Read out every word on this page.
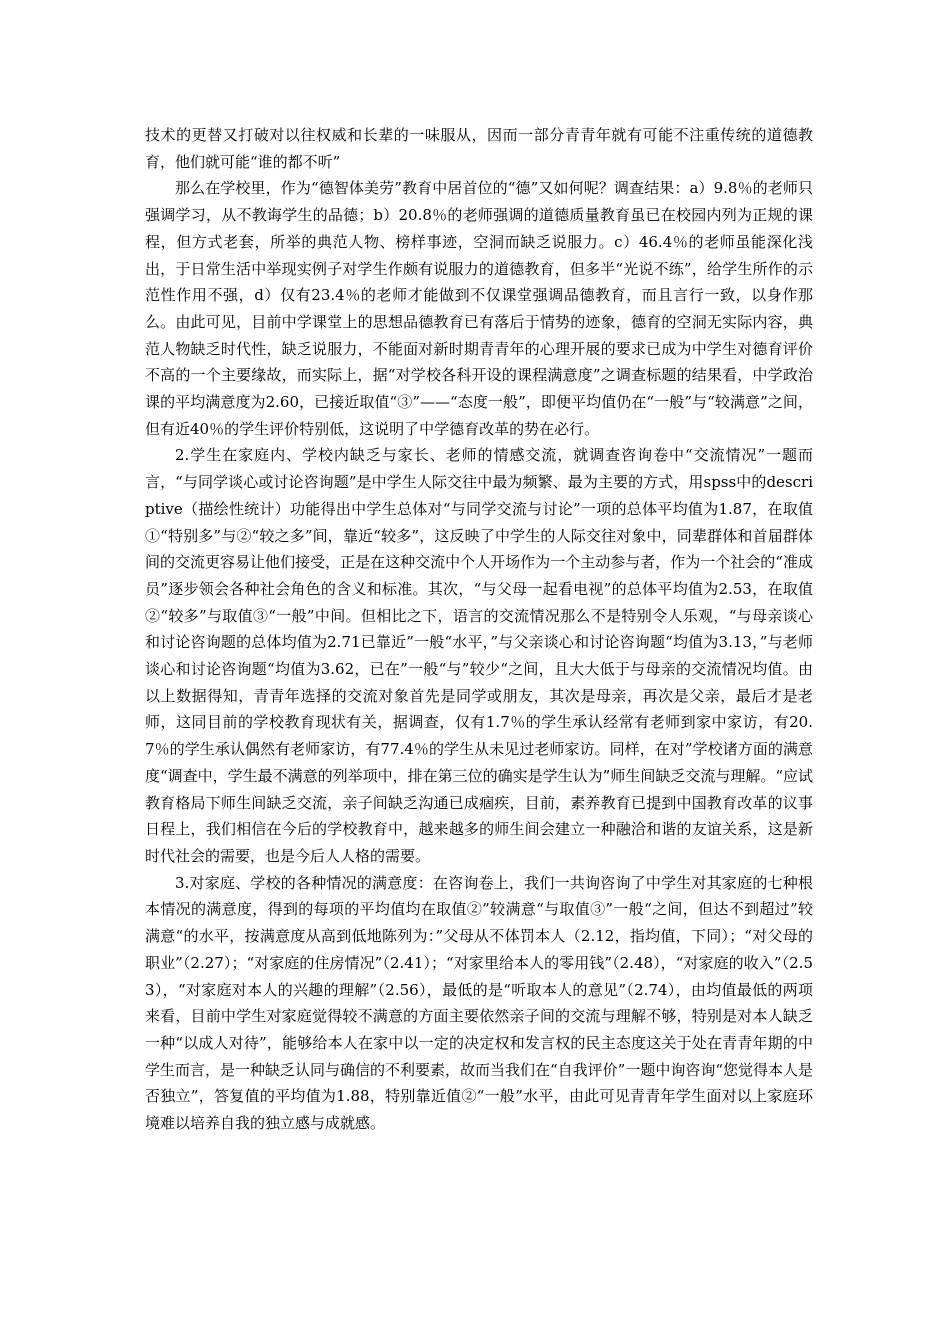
技术的更替又打破对以往权威和长辈的一味服从，因而一部分青青年就有可能不注重传统的道德教育，他们就可能“谁的都不听”

那么在学校里，作为“德智体美劳”教育中居首位的“德”又如何呢？调查结果：a）9.8％的老师只强调学习，从不教诲学生的品德；b）20.8％的老师强调的道德质量教育虽已在校园内列为正规的课程，但方式老套，所举的典范人物、榜样事迹，空洞而缺乏说服力。c）46.4％的老师虽能深化浅出，于日常生活中举现实例子对学生作颇有说服力的道德教育，但多半“光说不练”，给学生所作的示范性作用不强，d）仅有23.4％的老师才能做到不仅课堂强调品德教育，而且言行一致，以身作那么。由此可见，目前中学课堂上的思想品德教育已有落后于情势的迹象，德育的空洞无实际内容，典范人物缺乏时代性，缺乏说服力，不能面对新时期青青年的心理开展的要求已成为中学生对德育评价不高的一个主要缘故，而实际上，据“对学校各科开设的课程满意度”之调查标题的结果看，中学政治课的平均满意度为2.60，已接近取值“③”——“态度一般”，即便平均值仍在“一般”与“较满意”之间，但有近40％的学生评价特别低，这说明了中学德育改革的势在必行。

2.学生在家庭内、学校内缺乏与家长、老师的情感交流，就调查咨询卷中“交流情况”一题而言，“与同学谈心或讨论咨询题”是中学生人际交往中最为频繁、最为主要的方式，用spss中的descriptive（描绘性统计）功能得出中学生总体对“与同学交流与讨论”一项的总体平均值为1.87，在取值①“特别多”与②“较之多”间，靠近“较多”，这反映了中学生的人际交往对象中，同辈群体和首届群体间的交流更容易让他们接受，正是在这种交流中个人开场作为一个主动参与者，作为一个社会的“准成员”逐步领会各种社会角色的含义和标准。其次，“与父母一起看电视”的总体平均值为2.53，在取值②“较多”与取值③“一般”中间。但相比之下，语言的交流情况那么不是特别令人乐观，“与母亲谈心和讨论咨询题的总体均值为2.71已靠近”一般“水平，”与父亲谈心和讨论咨询题“均值为3.13，”与老师谈心和讨论咨询题“均值为3.62，已在”一般“与”较少“之间，且大大低于与母亲的交流情况均值。由以上数据得知，青青年选择的交流对象首先是同学或朋友，其次是母亲，再次是父亲，最后才是老师，这同目前的学校教育现状有关，据调查，仅有1.7％的学生承认经常有老师到家中家访，有20.7％的学生承认偶然有老师家访，有77.4％的学生从未见过老师家访。同样，在对”学校诸方面的满意度“调查中，学生最不满意的列举项中，排在第三位的确实是学生认为”师生间缺乏交流与理解。“应试教育格局下师生间缺乏交流，亲子间缺乏沟通已成痼疾，目前，素养教育已提到中国教育改革的议事日程上，我们相信在今后的学校教育中，越来越多的师生间会建立一种融洽和谐的友谊关系，这是新时代社会的需要，也是今后人人格的需要。

3.对家庭、学校的各种情况的满意度：在咨询卷上，我们一共询咨询了中学生对其家庭的七种根本情况的满意度，得到的每项的平均值均在取值②”较满意“与取值③”一般“之间，但达不到超过”较满意“的水平，按满意度从高到低地陈列为：”父母从不体罚本人（2.12，指均值，下同）；“对父母的职业”（2.27）；“对家庭的住房情况”（2.41）；“对家里给本人的零用钱”（2.48），“对家庭的收入”（2.53），“对家庭对本人的兴趣的理解”（2.56），最低的是“听取本人的意见”（2.74），由均值最低的两项来看，目前中学生对家庭觉得较不满意的方面主要依然亲子间的交流与理解不够，特别是对本人缺乏一种“以成人对待”，能够给本人在家中以一定的决定权和发言权的民主态度这关于处在青青年期的中学生而言，是一种缺乏认同与确信的不利要素，故而当我们在“自我评价”一题中询咨询“您觉得本人是否独立”，答复值的平均值为1.88，特别靠近值②“一般”水平，由此可见青青年学生面对以上家庭环境难以培养自我的独立感与成就感。
